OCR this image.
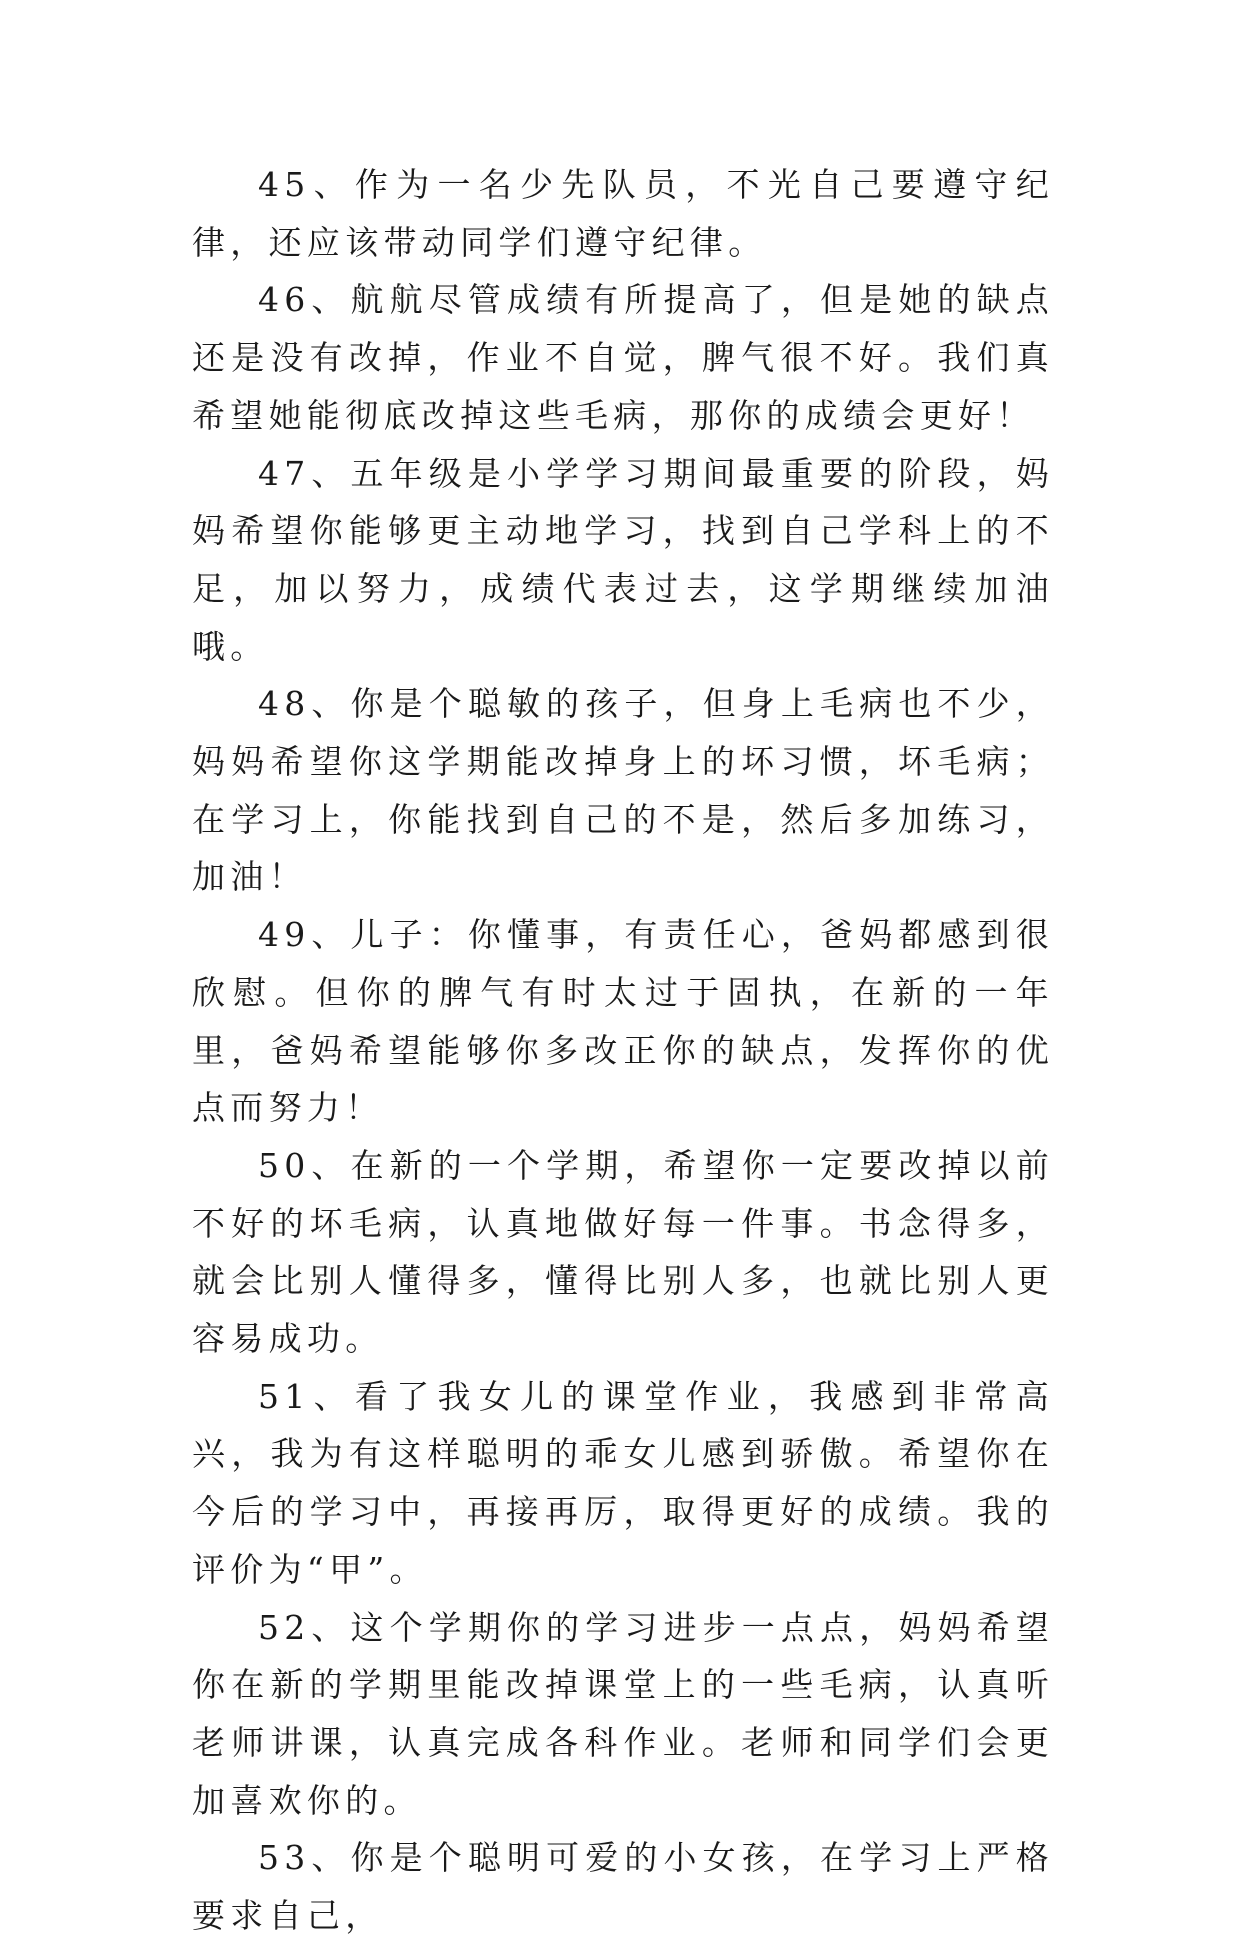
45、作为一名少先队员，不光自己要遵守纪律，还应该带动同学们遵守纪律。

46、航航尽管成绩有所提高了，但是她的缺点还是没有改掉，作业不自觉，脾气很不好。我们真希望她能彻底改掉这些毛病，那你的成绩会更好！

47、五年级是小学学习期间最重要的阶段，妈妈希望你能够更主动地学习，找到自己学科上的不足，加以努力，成绩代表过去，这学期继续加油哦。

48、你是个聪敏的孩子，但身上毛病也不少，妈妈希望你这学期能改掉身上的坏习惯，坏毛病；在学习上，你能找到自己的不是，然后多加练习，加油！

49、儿子：你懂事，有责任心，爸妈都感到很欣慰。但你的脾气有时太过于固执，在新的一年里，爸妈希望能够你多改正你的缺点，发挥你的优点而努力！

50、在新的一个学期，希望你一定要改掉以前不好的坏毛病，认真地做好每一件事。书念得多，就会比别人懂得多，懂得比别人多，也就比别人更容易成功。

51、看了我女儿的课堂作业，我感到非常高兴，我为有这样聪明的乖女儿感到骄傲。希望你在今后的学习中，再接再厉，取得更好的成绩。我的评价为“甲”。

52、这个学期你的学习进步一点点，妈妈希望你在新的学期里能改掉课堂上的一些毛病，认真听老师讲课，认真完成各科作业。老师和同学们会更加喜欢你的。

53、你是个聪明可爱的小女孩，在学习上严格要求自己，
